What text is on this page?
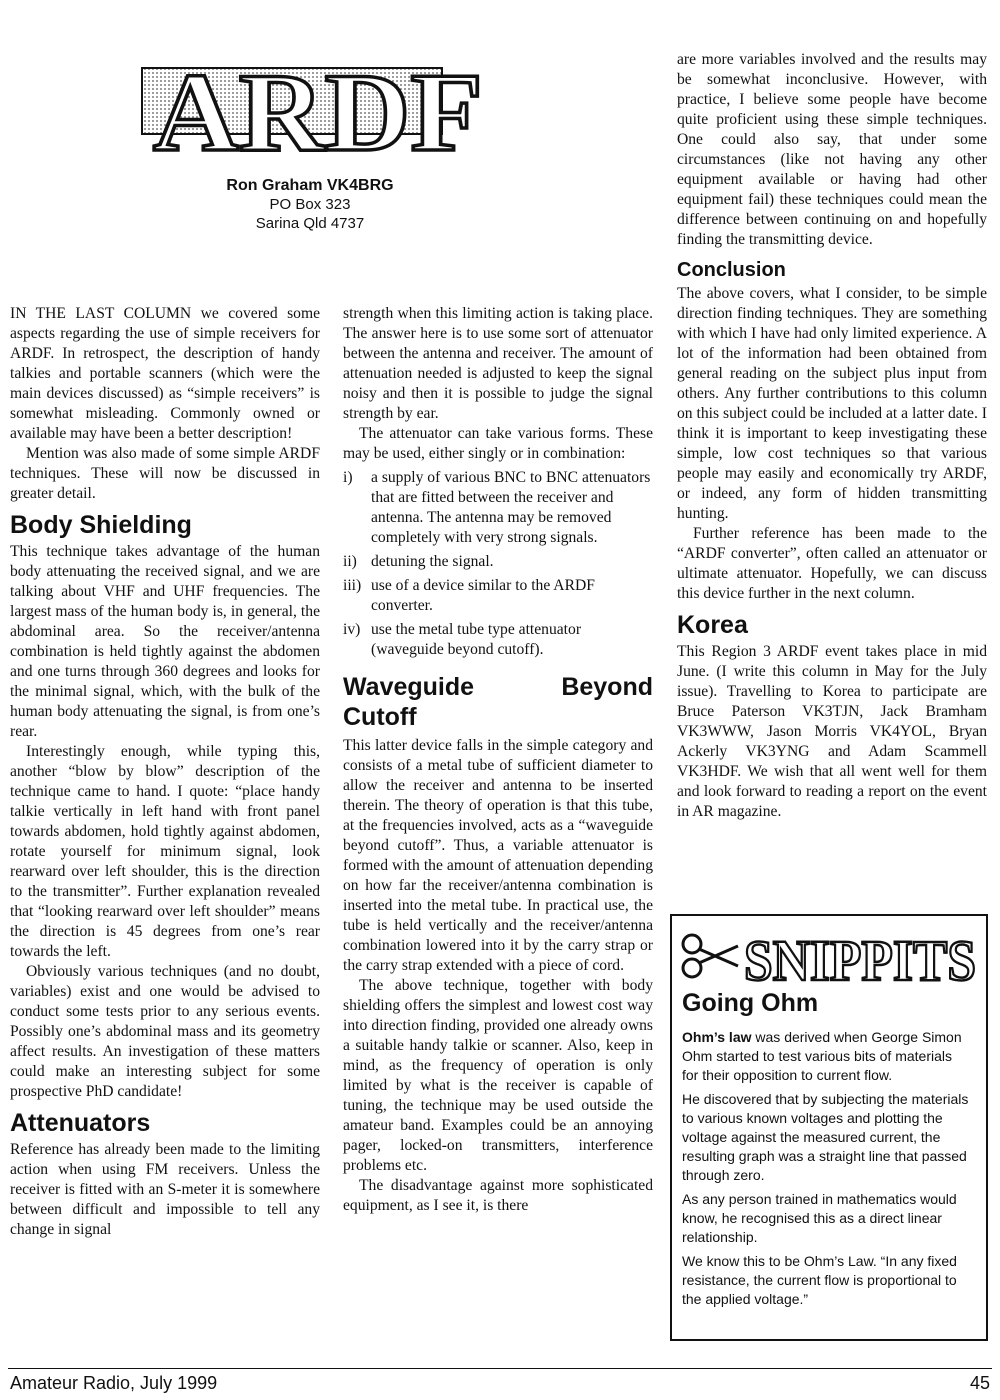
ARDF
Ron Graham VK4BRG
PO Box 323
Sarina Qld 4737

IN THE LAST COLUMN we covered some aspects regarding the use of simple receivers for ARDF. In retrospect, the description of handy talkies and portable scanners (which were the main devices discussed) as “simple receivers” is somewhat misleading. Commonly owned or available may have been a better description!

Mention was also made of some simple ARDF techniques. These will now be discussed in greater detail.

Body Shielding

This technique takes advantage of the human body attenuating the received signal, and we are talking about VHF and UHF frequencies. The largest mass of the human body is, in general, the abdominal area. So the receiver/antenna combination is held tightly against the abdomen and one turns through 360 degrees and looks for the minimal signal, which, with the bulk of the human body attenuating the signal, is from one’s rear.

Interestingly enough, while typing this, another “blow by blow” description of the technique came to hand. I quote: “place handy talkie vertically in left hand with front panel towards abdomen, hold tightly against abdomen, rotate yourself for minimum signal, look rearward over left shoulder, this is the direction to the transmitter”. Further explanation revealed that “looking rearward over left shoulder” means the direction is 45 degrees from one’s rear towards the left.

Obviously various techniques (and no doubt, variables) exist and one would be advised to conduct some tests prior to any serious events. Possibly one’s abdominal mass and its geometry affect results. An investigation of these matters could make an interesting subject for some prospective PhD candidate!

Attenuators

Reference has already been made to the limiting action when using FM receivers. Unless the receiver is fitted with an S-meter it is somewhere between difficult and impossible to tell any change in signal

strength when this limiting action is taking place. The answer here is to use some sort of attenuator between the antenna and receiver. The amount of attenuation needed is adjusted to keep the signal noisy and then it is possible to judge the signal strength by ear.

The attenuator can take various forms. These may be used, either singly or in combination:

i)	a supply of various BNC to BNC attenuators that are fitted between the receiver and antenna. The antenna may be removed completely with very strong signals.
ii) detuning the signal.
iii) use of a device similar to the ARDF converter.
iv) use the metal tube type attenuator (waveguide beyond cutoff).
Waveguide Beyond Cutoff

This latter device falls in the simple category and consists of a metal tube of sufficient diameter to allow the receiver and antenna to be inserted therein. The theory of operation is that this tube, at the frequencies involved, acts as a “waveguide beyond cutoff”. Thus, a variable attenuator is formed with the amount of attenuation depending on how far the receiver/antenna combination is inserted into the metal tube. In practical use, the tube is held vertically and the receiver/antenna combination lowered into it by the carry strap or the carry strap extended with a piece of cord.

The above technique, together with body shielding offers the simplest and lowest cost way into direction finding, provided one already owns a suitable handy talkie or scanner. Also, keep in mind, as the frequency of operation is only limited by what is the receiver is capable of tuning, the technique may be used outside the amateur band. Examples could be an annoying pager, locked-on transmitters, interference problems etc.

The disadvantage against more sophisticated equipment, as I see it, is there

are more variables involved and the results may be somewhat inconclusive. However, with practice, I believe some people have become quite proficient using these simple techniques. One could also say, that under some circumstances (like not having any other equipment available or having had other equipment fail) these techniques could mean the difference between continuing on and hopefully finding the transmitting device.

Conclusion

The above covers, what I consider, to be simple direction finding techniques. They are something with which I have had only limited experience. A lot of the information had been obtained from general reading on the subject plus input from others. Any further contributions to this column on this subject could be included at a latter date. I think it is important to keep investigating these simple, low cost techniques so that various people may easily and economically try ARDF, or indeed, any form of hidden transmitting hunting.

Further reference has been made to the “ARDF converter”, often called an attenuator or ultimate attenuator. Hopefully, we can discuss this device further in the next column.

Korea

This Region 3 ARDF event takes place in mid June. (I write this column in May for the July issue). Travelling to Korea to participate are Bruce Paterson VK3TJN, Jack Bramham VK3WWW, Jason Morris VK4YOL, Bryan Ackerly VK3YNG and Adam Scammell VK3HDF. We wish that all went well for them and look forward to reading a report on the event in AR magazine.

SNIPPITS
Going Ohm

Ohm’s law was derived when George Simon Ohm started to test various bits of materials for their opposition to current flow.

He discovered that by subjecting the materials to various known voltages and plotting the voltage against the measured current, the resulting graph was a straight line that passed through zero.

As any person trained in mathematics would know, he recognised this as a direct linear relationship.

We know this to be Ohm’s Law. “In any fixed resistance, the current flow is proportional to the applied voltage.”

Amateur Radio, July 1999	45
